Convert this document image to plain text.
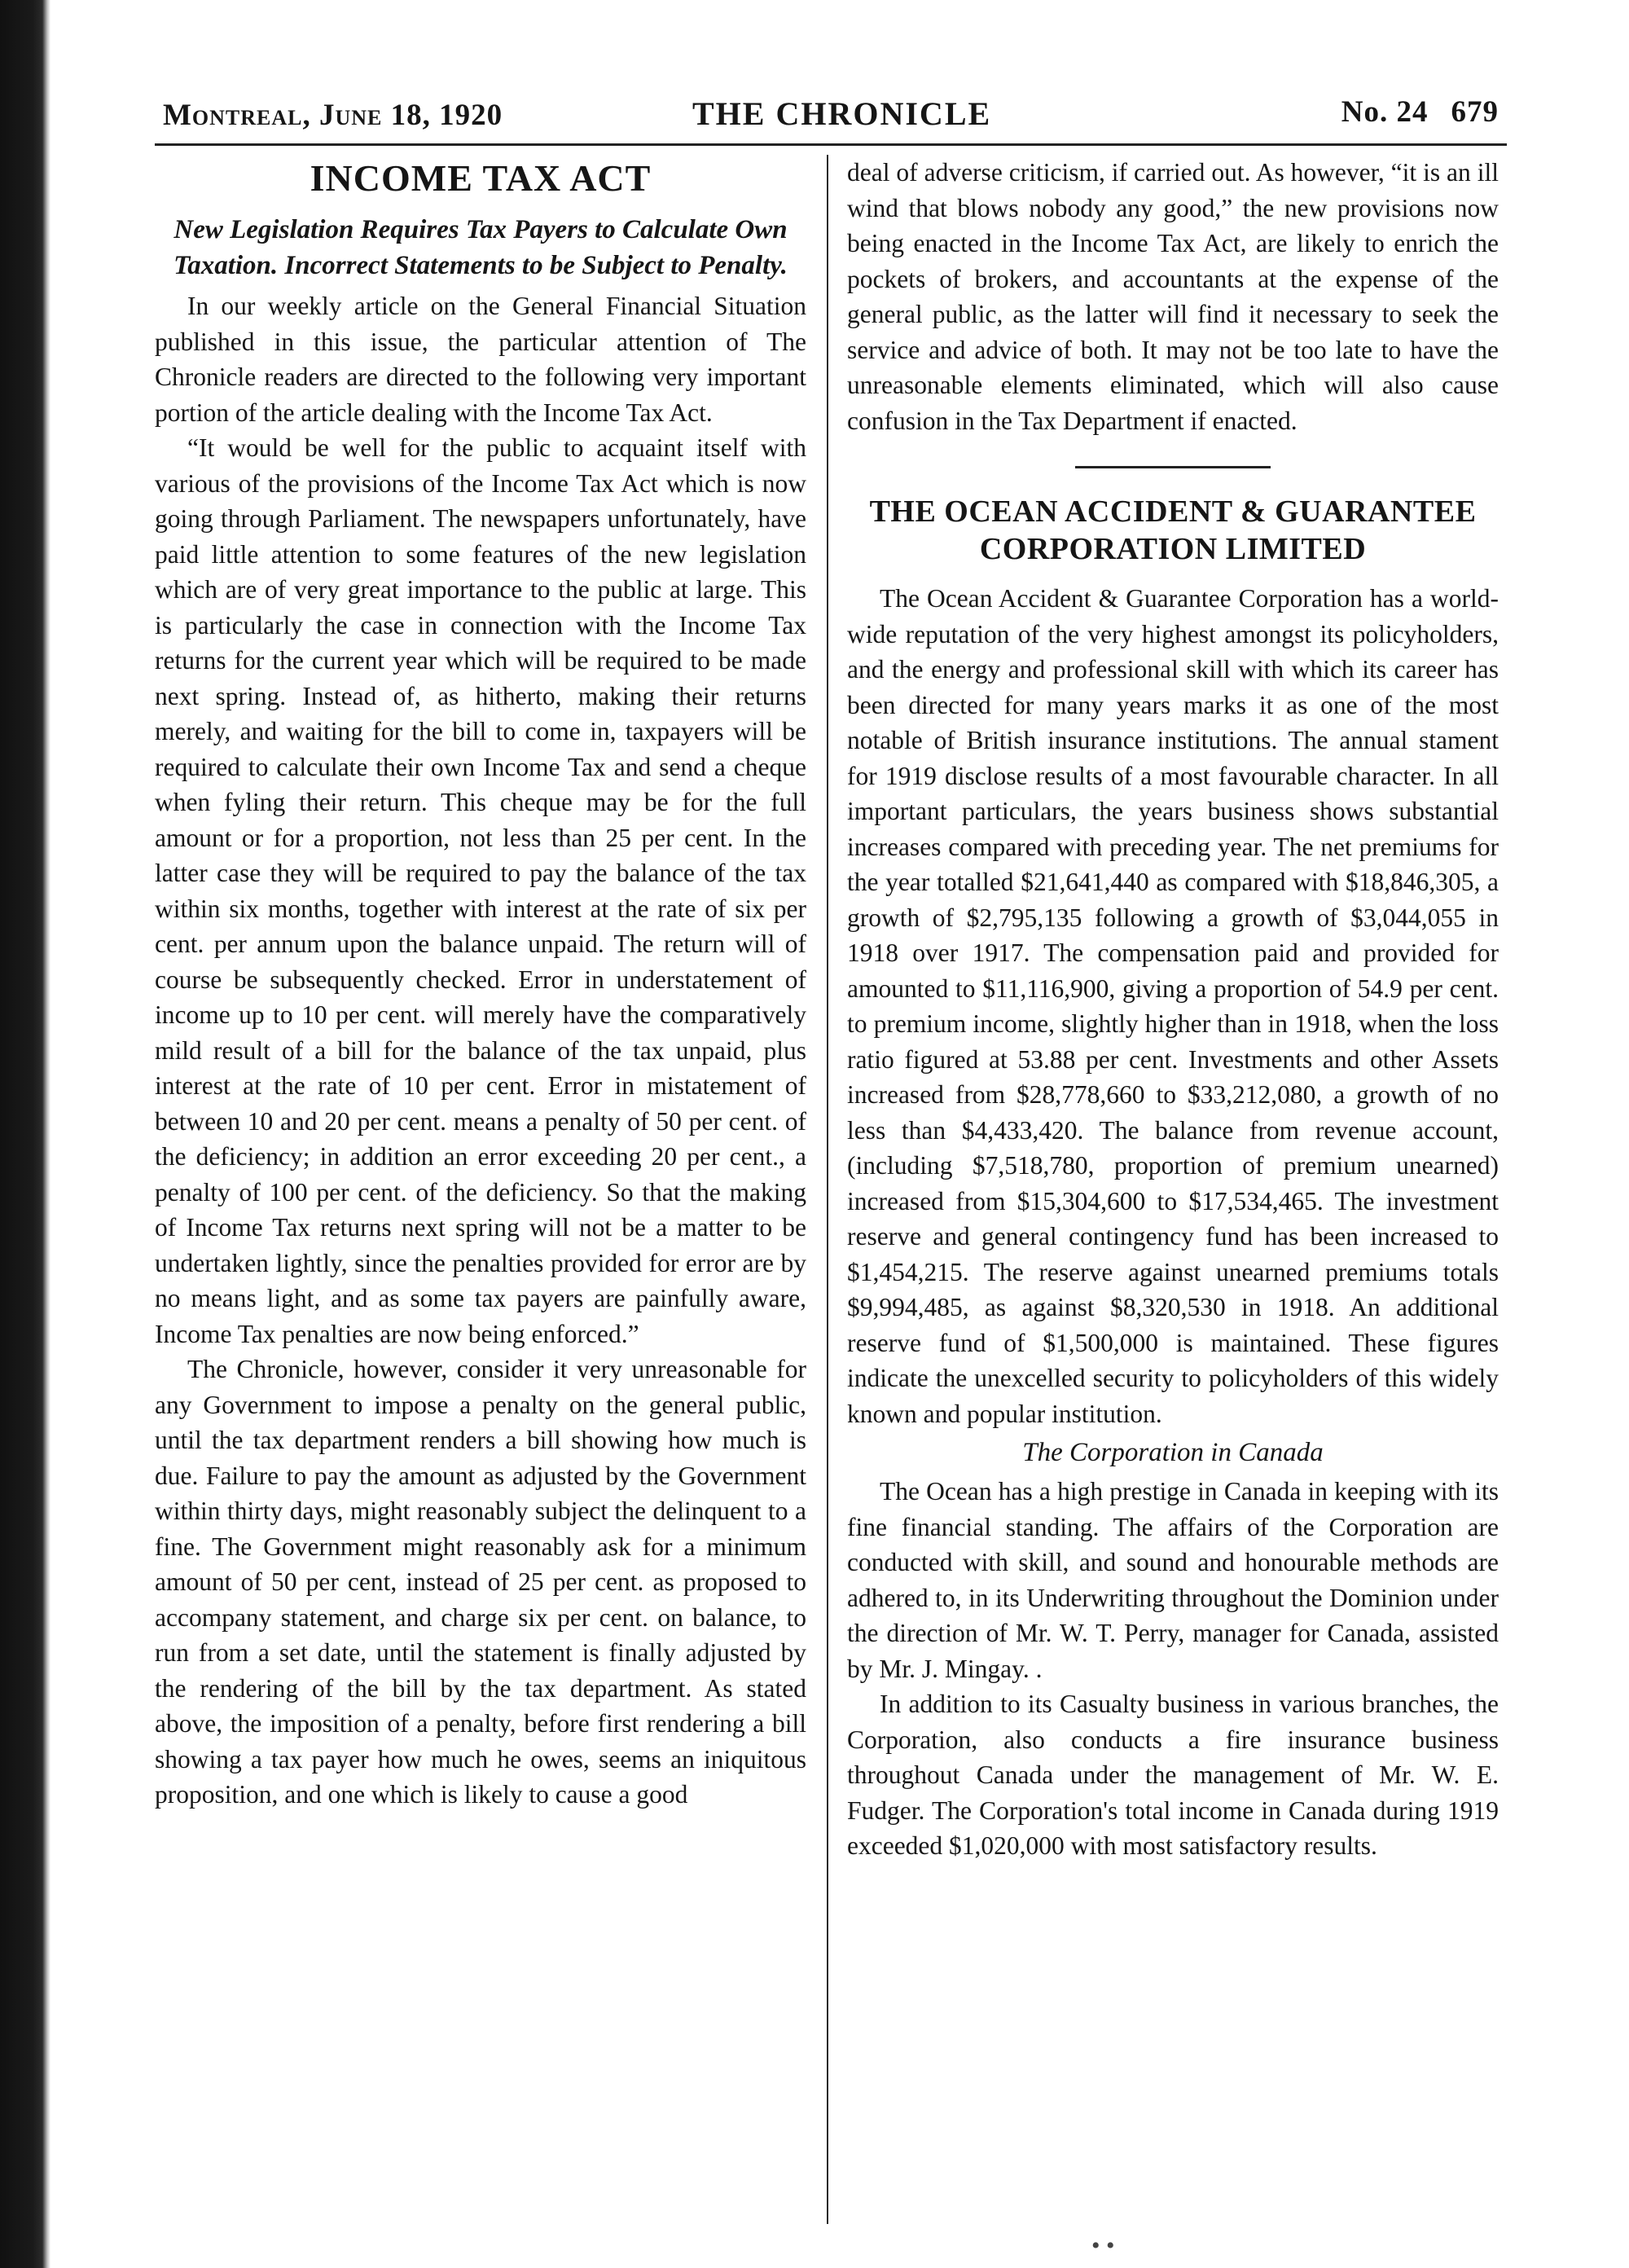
Montreal, June 18, 1920	THE CHRONICLE	No. 24 679
INCOME TAX ACT
New Legislation Requires Tax Payers to Calculate Own Taxation. Incorrect Statements to be Subject to Penalty.

In our weekly article on the General Financial Situation published in this issue, the particular attention of The Chronicle readers are directed to the following very important portion of the article dealing with the Income Tax Act.

“It would be well for the public to acquaint itself with various of the provisions of the Income Tax Act which is now going through Parliament. The newspapers unfortunately, have paid little attention to some features of the new legislation which are of very great importance to the public at large. This is particularly the case in connection with the Income Tax returns for the current year which will be required to be made next spring. Instead of, as hitherto, making their returns merely, and waiting for the bill to come in, taxpayers will be required to calculate their own Income Tax and send a cheque when fyling their return. This cheque may be for the full amount or for a proportion, not less than 25 per cent. In the latter case they will be required to pay the balance of the tax within six months, together with interest at the rate of six per cent. per annum upon the balance unpaid. The return will of course be subsequently checked. Error in understatement of income up to 10 per cent. will merely have the comparatively mild result of a bill for the balance of the tax unpaid, plus interest at the rate of 10 per cent. Error in mistatement of between 10 and 20 per cent. means a penalty of 50 per cent. of the deficiency; in addition an error exceeding 20 per cent., a penalty of 100 per cent. of the deficiency. So that the making of Income Tax returns next spring will not be a matter to be undertaken lightly, since the penalties provided for error are by no means light, and as some tax payers are painfully aware, Income Tax penalties are now being enforced.”

The Chronicle, however, consider it very unreasonable for any Government to impose a penalty on the general public, until the tax department renders a bill showing how much is due. Failure to pay the amount as adjusted by the Government within thirty days, might reasonably subject the delinquent to a fine. The Government might reasonably ask for a minimum amount of 50 per cent, instead of 25 per cent. as proposed to accompany statement, and charge six per cent. on balance, to run from a set date, until the statement is finally adjusted by the rendering of the bill by the tax department. As stated above, the imposition of a penalty, before first rendering a bill showing a tax payer how much he owes, seems an iniquitous proposition, and one which is likely to cause a good

deal of adverse criticism, if carried out. As however, “it is an ill wind that blows nobody any good,” the new provisions now being enacted in the Income Tax Act, are likely to enrich the pockets of brokers, and accountants at the expense of the general public, as the latter will find it necessary to seek the service and advice of both. It may not be too late to have the unreasonable elements eliminated, which will also cause confusion in the Tax Department if enacted.

THE OCEAN ACCIDENT & GUARANTEE CORPORATION LIMITED

The Ocean Accident & Guarantee Corporation has a world-wide reputation of the very highest amongst its policyholders, and the energy and professional skill with which its career has been directed for many years marks it as one of the most notable of British insurance institutions. The annual stament for 1919 disclose results of a most favourable character. In all important particulars, the years business shows substantial increases compared with preceding year. The net premiums for the year totalled $21,641,440 as compared with $18,846,305, a growth of $2,795,135 following a growth of $3,044,055 in 1918 over 1917. The compensation paid and provided for amounted to $11,116,900, giving a proportion of 54.9 per cent. to premium income, slightly higher than in 1918, when the loss ratio figured at 53.88 per cent. Investments and other Assets increased from $28,778,660 to $33,212,080, a growth of no less than $4,433,420. The balance from revenue account, (including $7,518,780, proportion of premium unearned) increased from $15,304,600 to $17,534,465. The investment reserve and general contingency fund has been increased to $1,454,215. The reserve against unearned premiums totals $9,994,485, as against $8,320,530 in 1918. An additional reserve fund of $1,500,000 is maintained. These figures indicate the unexcelled security to policyholders of this widely known and popular institution.

The Corporation in Canada

The Ocean has a high prestige in Canada in keeping with its fine financial standing. The affairs of the Corporation are conducted with skill, and sound and honourable methods are adhered to, in its Underwriting throughout the Dominion under the direction of Mr. W. T. Perry, manager for Canada, assisted by Mr. J. Mingay. .

In addition to its Casualty business in various branches, the Corporation, also conducts a fire insurance business throughout Canada under the management of Mr. W. E. Fudger. The Corporation's total income in Canada during 1919 exceeded $1,020,000 with most satisfactory results.

• •
